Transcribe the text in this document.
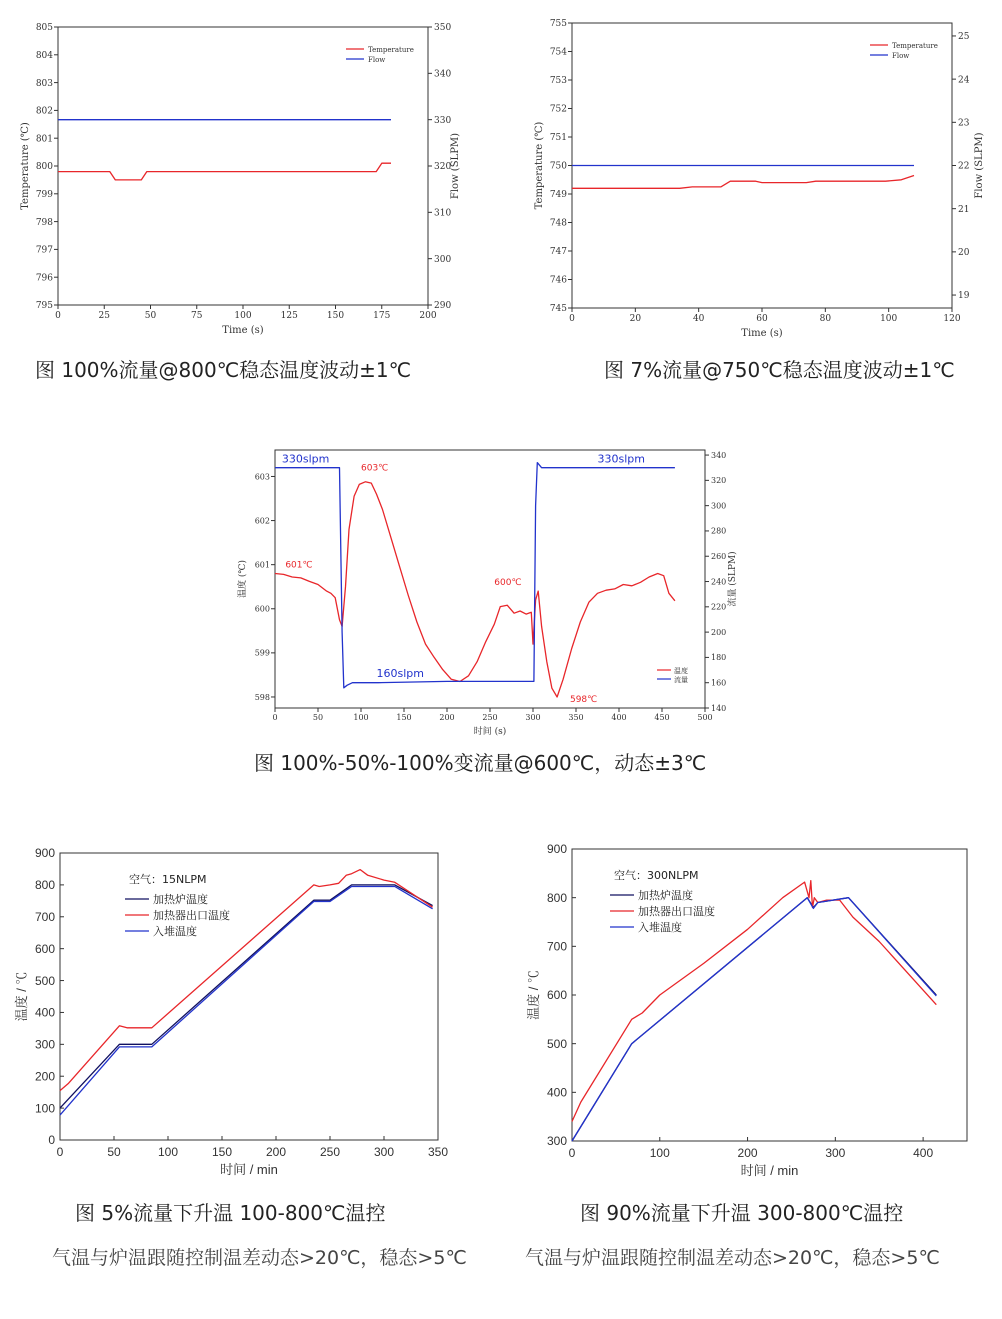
0	25	50	75	100	125	150	175	200
795
796
797
798
799
800
801
802
803
804
805
290
300
310
320
330
340
350
Time (s)
Temperature (℃)	Flow (SLPM)
Temperature
Flow
0	20	40	60	80	100	120
745
746
747
748
749
750
751
752
753
754
755
19
20
21
22
23
24
25
Time (s)
Temperature (℃)	Flow (SLPM)
Temperature
Flow
0	50	100	150	200	250	300	350	400	450	500
598
599
600
601
602
603
140
160
180
200
220
240
260
280
300
320
340
时间 (s)
温度 (℃)	流量 (SLPM)
温度
流量
330slpm
603℃
601℃
600℃
160slpm
330slpm
598℃
0	50	100	150	200	250	300	350
0
100
200
300
400
500
600
700
800
900
时间 / min
温度 / ℃
空气：15NLPM
加热炉温度
加热器出口温度
入堆温度
0	100	200	300	400
300
400
500
600
700
800
900
时间 / min
温度 / ℃
空气：300NLPM
加热炉温度
加热器出口温度
入堆温度
图 100%流量@800℃稳态温度波动±1℃	图 7%流量@750℃稳态温度波动±1℃
图 100%-50%-100%变流量@600℃，动态±3℃
图 5%流量下升温 100-800℃温控	图 90%流量下升温 300-800℃温控
气温与炉温跟随控制温差动态>20℃，稳态>5℃	气温与炉温跟随控制温差动态>20℃，稳态>5℃
